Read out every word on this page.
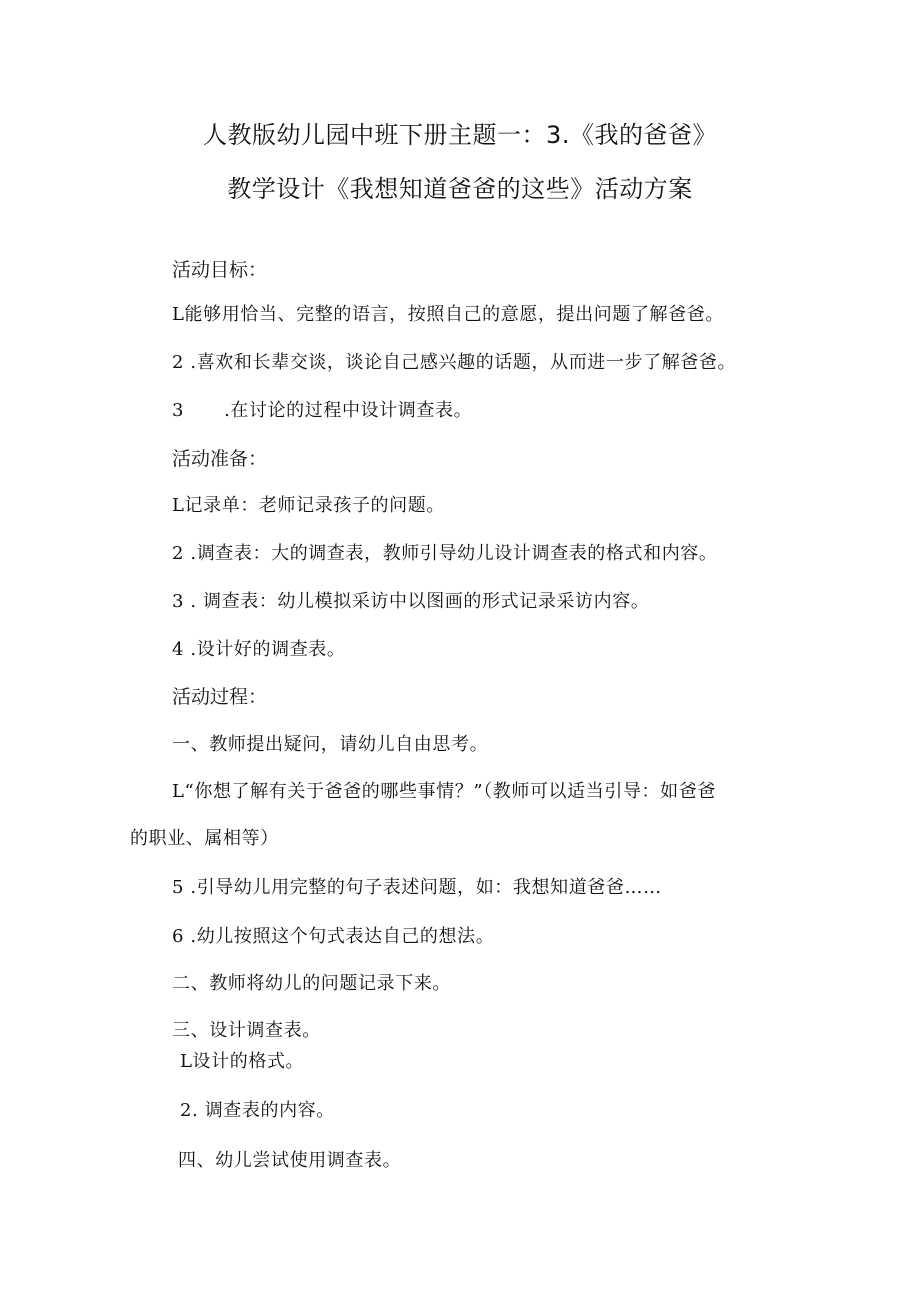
人教版幼儿园中班下册主题一：3.《我的爸爸》
教学设计《我想知道爸爸的这些》活动方案
活动目标：
L能够用恰当、完整的语言，按照自己的意愿，提出问题了解爸爸。
2 .喜欢和长辈交谈，谈论自己感兴趣的话题，从而进一步了解爸爸。
3 .在讨论的过程中设计调查表。
活动准备：
L记录单：老师记录孩子的问题。
2 .调查表：大的调查表，教师引导幼儿设计调查表的格式和内容。
3 . 调查表：幼儿模拟采访中以图画的形式记录采访内容。
4 .设计好的调查表。
活动过程：
一、教师提出疑问，请幼儿自由思考。
L“你想了解有关于爸爸的哪些事情？”（教师可以适当引导：如爸爸
的职业、属相等）
5 .引导幼儿用完整的句子表述问题，如：我想知道爸爸……
6 .幼儿按照这个句式表达自己的想法。
二、教师将幼儿的问题记录下来。
三、设计调查表。
L设计的格式。
2. 调查表的内容。
四、幼儿尝试使用调查表。
